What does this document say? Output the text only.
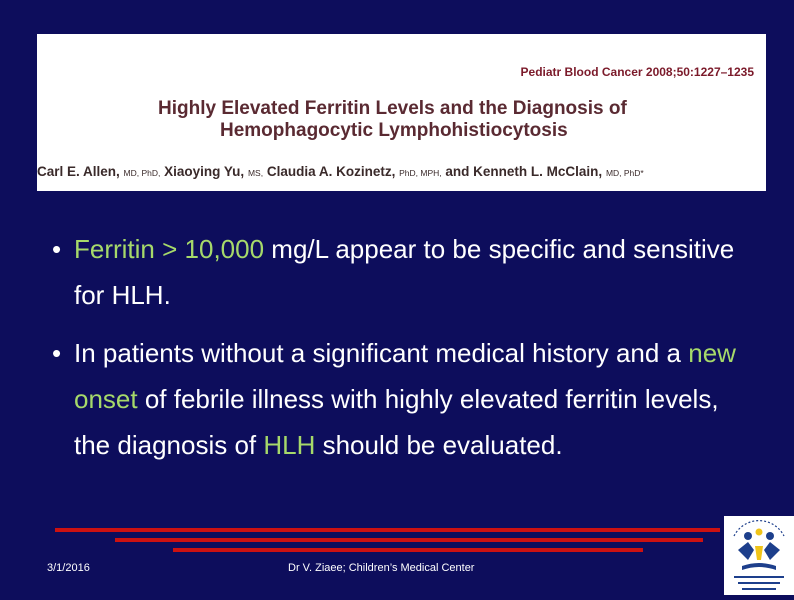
Pediatr Blood Cancer 2008;50:1227–1235
Highly Elevated Ferritin Levels and the Diagnosis of
Hemophagocytic Lymphohistiocytosis
Carl E. Allen, MD, PhD, Xiaoying Yu, MS, Claudia A. Kozinetz, PhD, MPH, and Kenneth L. McClain, MD, PhD*
• Ferritin > 10,000 mg/L appear to be specific and sensitive for HLH.
• In patients without a significant medical history and a new onset of febrile illness with highly elevated ferritin levels, the diagnosis of HLH should be evaluated.
3/1/2016	Dr V. Ziaee; Children’s Medical Center
